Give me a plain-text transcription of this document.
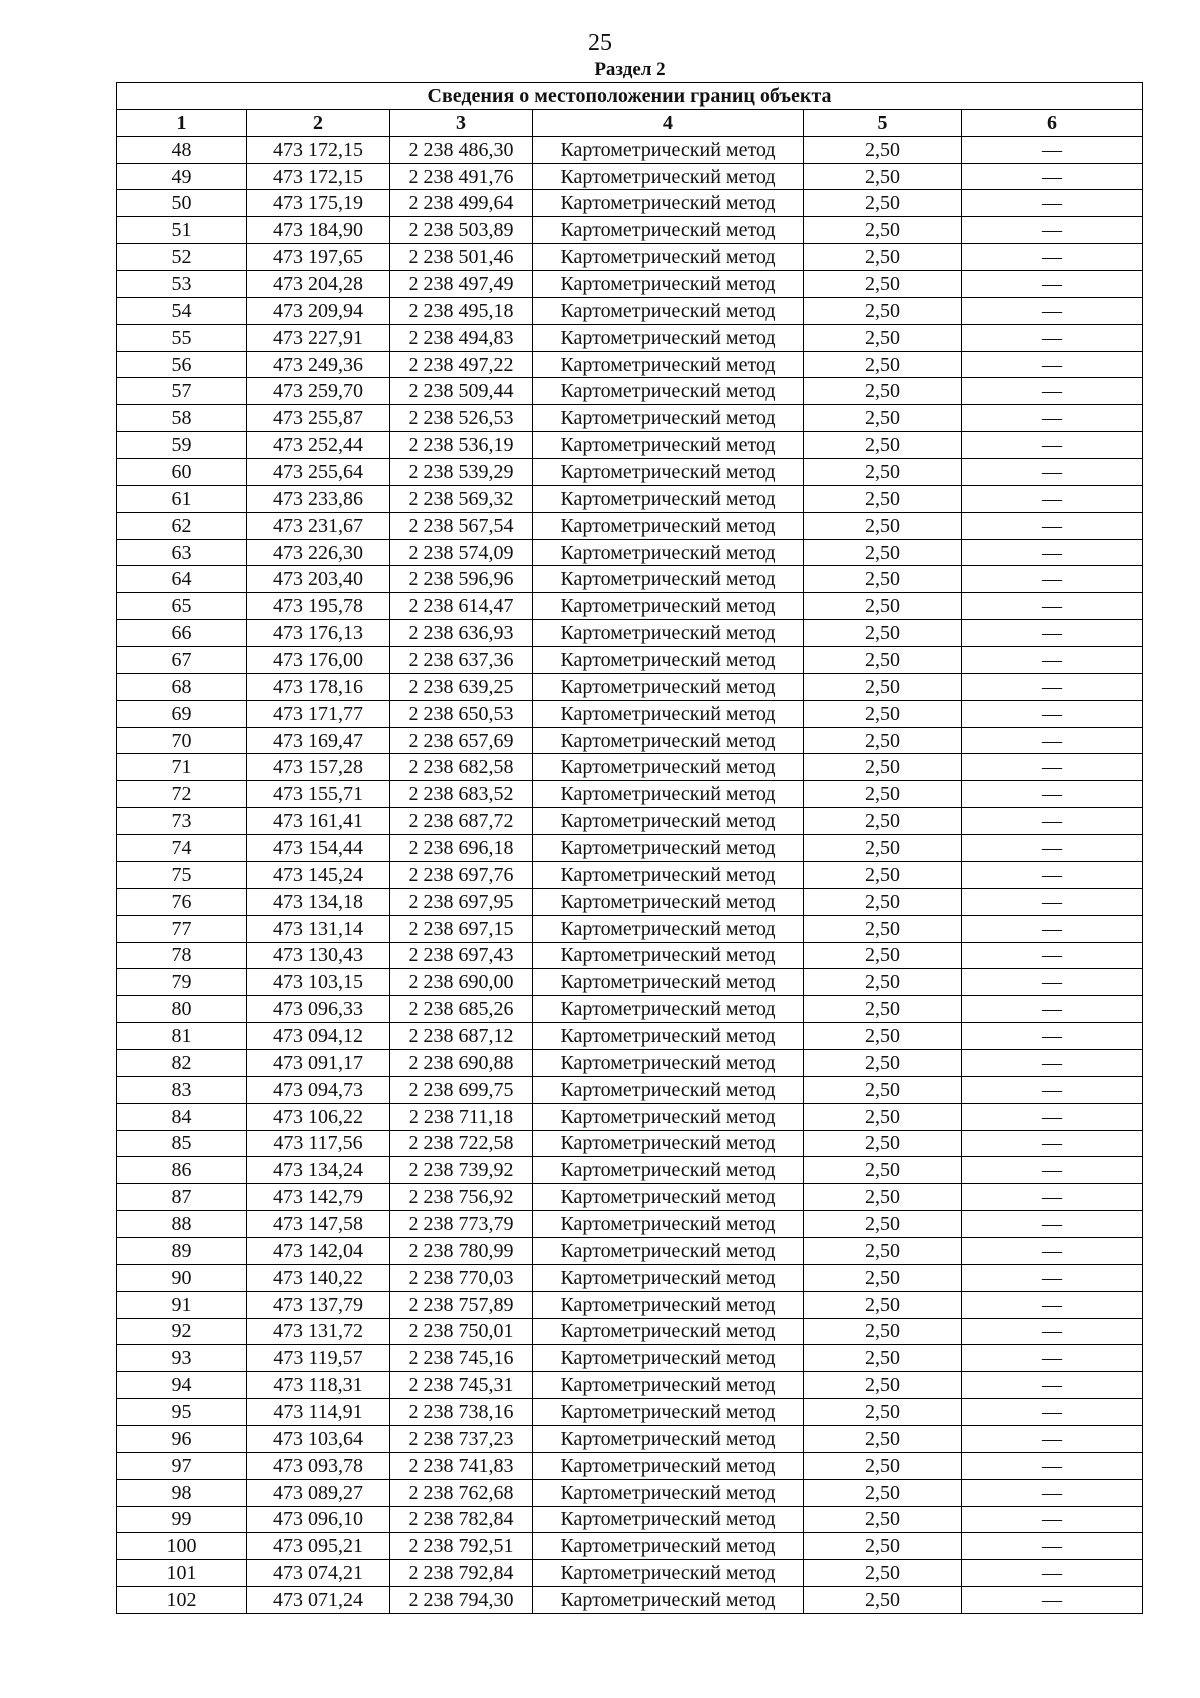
25
Раздел 2
Сведения о местоположении границ объекта					
1	2	3	4	5	6
48	473 172,15	2 238 486,30	Картометрический метод	2,50	—
49	473 172,15	2 238 491,76	Картометрический метод	2,50	—
50	473 175,19	2 238 499,64	Картометрический метод	2,50	—
51	473 184,90	2 238 503,89	Картометрический метод	2,50	—
52	473 197,65	2 238 501,46	Картометрический метод	2,50	—
53	473 204,28	2 238 497,49	Картометрический метод	2,50	—
54	473 209,94	2 238 495,18	Картометрический метод	2,50	—
55	473 227,91	2 238 494,83	Картометрический метод	2,50	—
56	473 249,36	2 238 497,22	Картометрический метод	2,50	—
57	473 259,70	2 238 509,44	Картометрический метод	2,50	—
58	473 255,87	2 238 526,53	Картометрический метод	2,50	—
59	473 252,44	2 238 536,19	Картометрический метод	2,50	—
60	473 255,64	2 238 539,29	Картометрический метод	2,50	—
61	473 233,86	2 238 569,32	Картометрический метод	2,50	—
62	473 231,67	2 238 567,54	Картометрический метод	2,50	—
63	473 226,30	2 238 574,09	Картометрический метод	2,50	—
64	473 203,40	2 238 596,96	Картометрический метод	2,50	—
65	473 195,78	2 238 614,47	Картометрический метод	2,50	—
66	473 176,13	2 238 636,93	Картометрический метод	2,50	—
67	473 176,00	2 238 637,36	Картометрический метод	2,50	—
68	473 178,16	2 238 639,25	Картометрический метод	2,50	—
69	473 171,77	2 238 650,53	Картометрический метод	2,50	—
70	473 169,47	2 238 657,69	Картометрический метод	2,50	—
71	473 157,28	2 238 682,58	Картометрический метод	2,50	—
72	473 155,71	2 238 683,52	Картометрический метод	2,50	—
73	473 161,41	2 238 687,72	Картометрический метод	2,50	—
74	473 154,44	2 238 696,18	Картометрический метод	2,50	—
75	473 145,24	2 238 697,76	Картометрический метод	2,50	—
76	473 134,18	2 238 697,95	Картометрический метод	2,50	—
77	473 131,14	2 238 697,15	Картометрический метод	2,50	—
78	473 130,43	2 238 697,43	Картометрический метод	2,50	—
79	473 103,15	2 238 690,00	Картометрический метод	2,50	—
80	473 096,33	2 238 685,26	Картометрический метод	2,50	—
81	473 094,12	2 238 687,12	Картометрический метод	2,50	—
82	473 091,17	2 238 690,88	Картометрический метод	2,50	—
83	473 094,73	2 238 699,75	Картометрический метод	2,50	—
84	473 106,22	2 238 711,18	Картометрический метод	2,50	—
85	473 117,56	2 238 722,58	Картометрический метод	2,50	—
86	473 134,24	2 238 739,92	Картометрический метод	2,50	—
87	473 142,79	2 238 756,92	Картометрический метод	2,50	—
88	473 147,58	2 238 773,79	Картометрический метод	2,50	—
89	473 142,04	2 238 780,99	Картометрический метод	2,50	—
90	473 140,22	2 238 770,03	Картометрический метод	2,50	—
91	473 137,79	2 238 757,89	Картометрический метод	2,50	—
92	473 131,72	2 238 750,01	Картометрический метод	2,50	—
93	473 119,57	2 238 745,16	Картометрический метод	2,50	—
94	473 118,31	2 238 745,31	Картометрический метод	2,50	—
95	473 114,91	2 238 738,16	Картометрический метод	2,50	—
96	473 103,64	2 238 737,23	Картометрический метод	2,50	—
97	473 093,78	2 238 741,83	Картометрический метод	2,50	—
98	473 089,27	2 238 762,68	Картометрический метод	2,50	—
99	473 096,10	2 238 782,84	Картометрический метод	2,50	—
100	473 095,21	2 238 792,51	Картометрический метод	2,50	—
101	473 074,21	2 238 792,84	Картометрический метод	2,50	—
102	473 071,24	2 238 794,30	Картометрический метод	2,50	—
